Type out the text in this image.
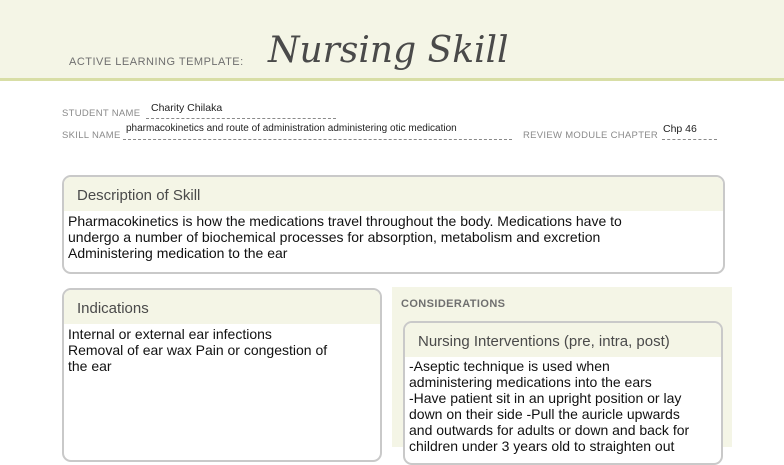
ACTIVE LEARNING TEMPLATE: Nursing Skill
STUDENT NAME Charity Chilaka
SKILL NAME
pharmacokinetics and route of administration administering otic medication
REVIEW MODULE CHAPTER
Chp 46
Description of Skill
Pharmacokinetics is how the medications travel throughout the body. Medications have to
undergo a number of biochemical processes for absorption, metabolism and excretion
Administering medication to the ear
Indications
Internal or external ear infections
Removal of ear wax Pain or congestion of
the ear
CONSIDERATIONS
Nursing Interventions (pre, intra, post)
-Aseptic technique is used when
administering medications into the ears
-Have patient sit in an upright position or lay
down on their side -Pull the auricle upwards
and outwards for adults or down and back for
children under 3 years old to straighten out
